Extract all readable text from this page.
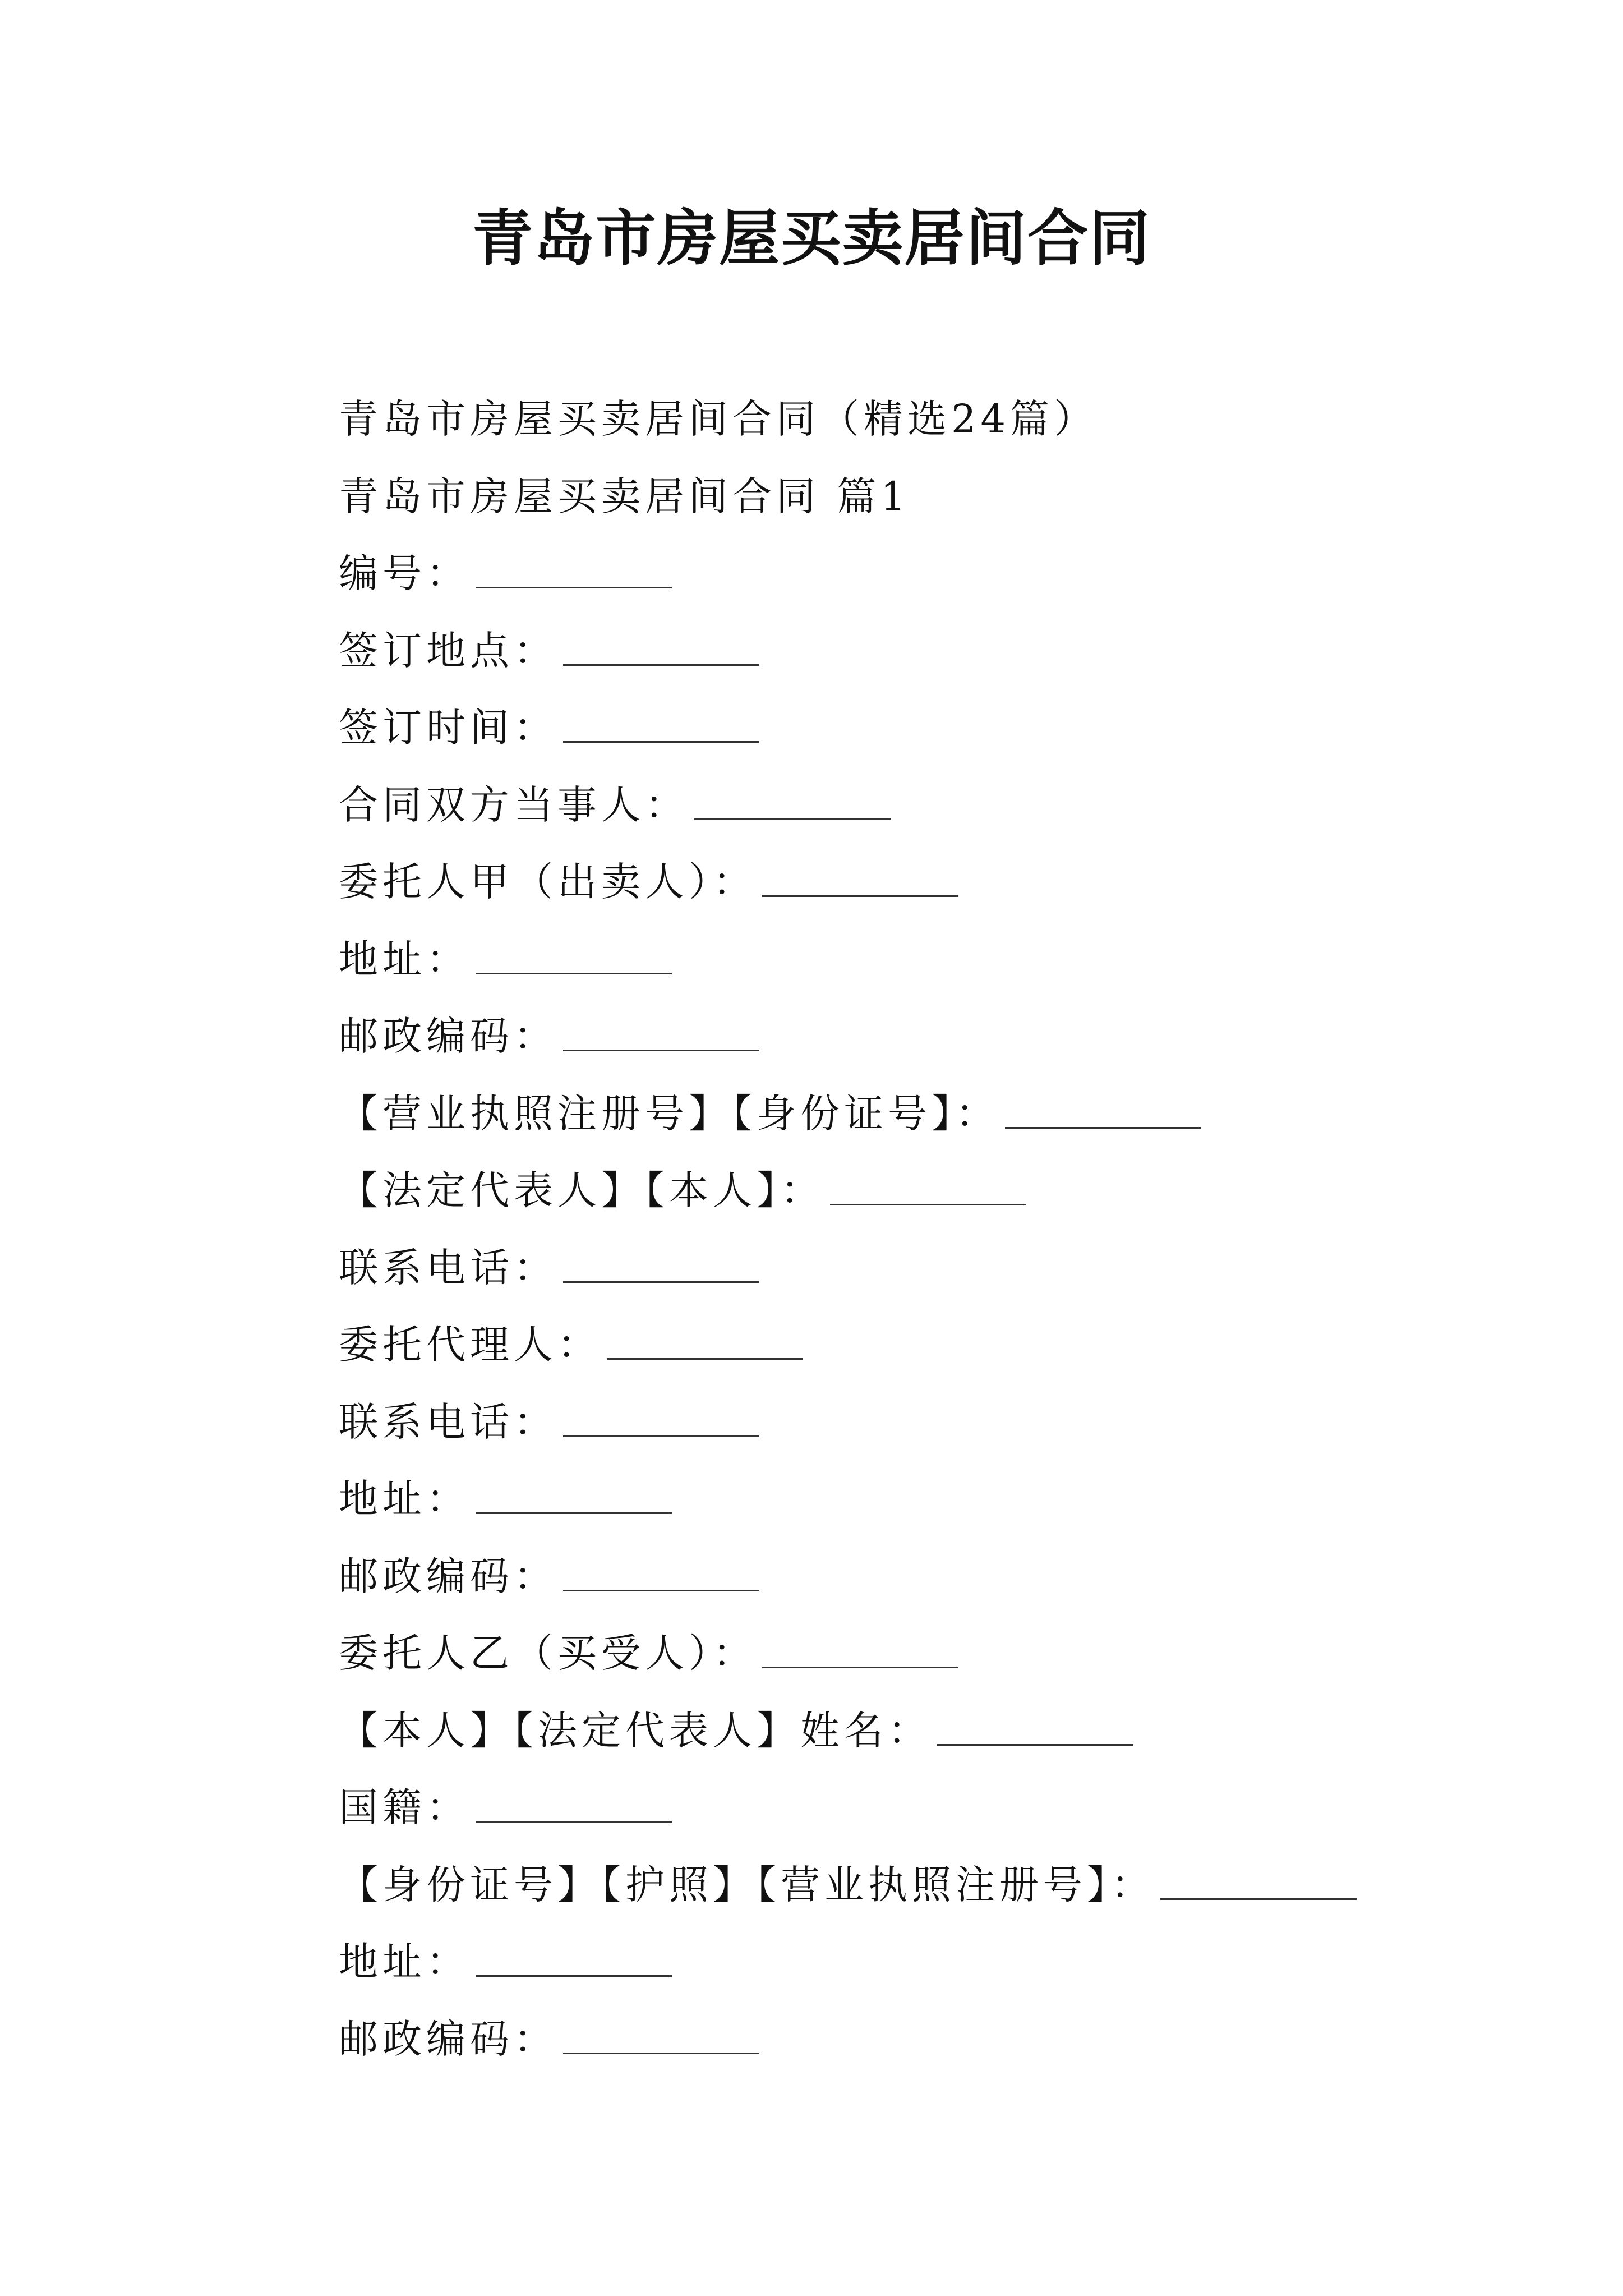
青岛市房屋买卖居间合同
青岛市房屋买卖居间合同（精选24篇）
青岛市房屋买卖居间合同 篇1
编号：
签订地点：
签订时间：
合同双方当事人：
委托人甲（出卖人）：
地址：
邮政编码：
【营业执照注册号】【身份证号】：
【法定代表人】【本人】：
联系电话：
委托代理人：
联系电话：
地址：
邮政编码：
委托人乙（买受人）：
【本人】【法定代表人】姓名：
国籍：
【身份证号】【护照】【营业执照注册号】：
地址：
邮政编码：
